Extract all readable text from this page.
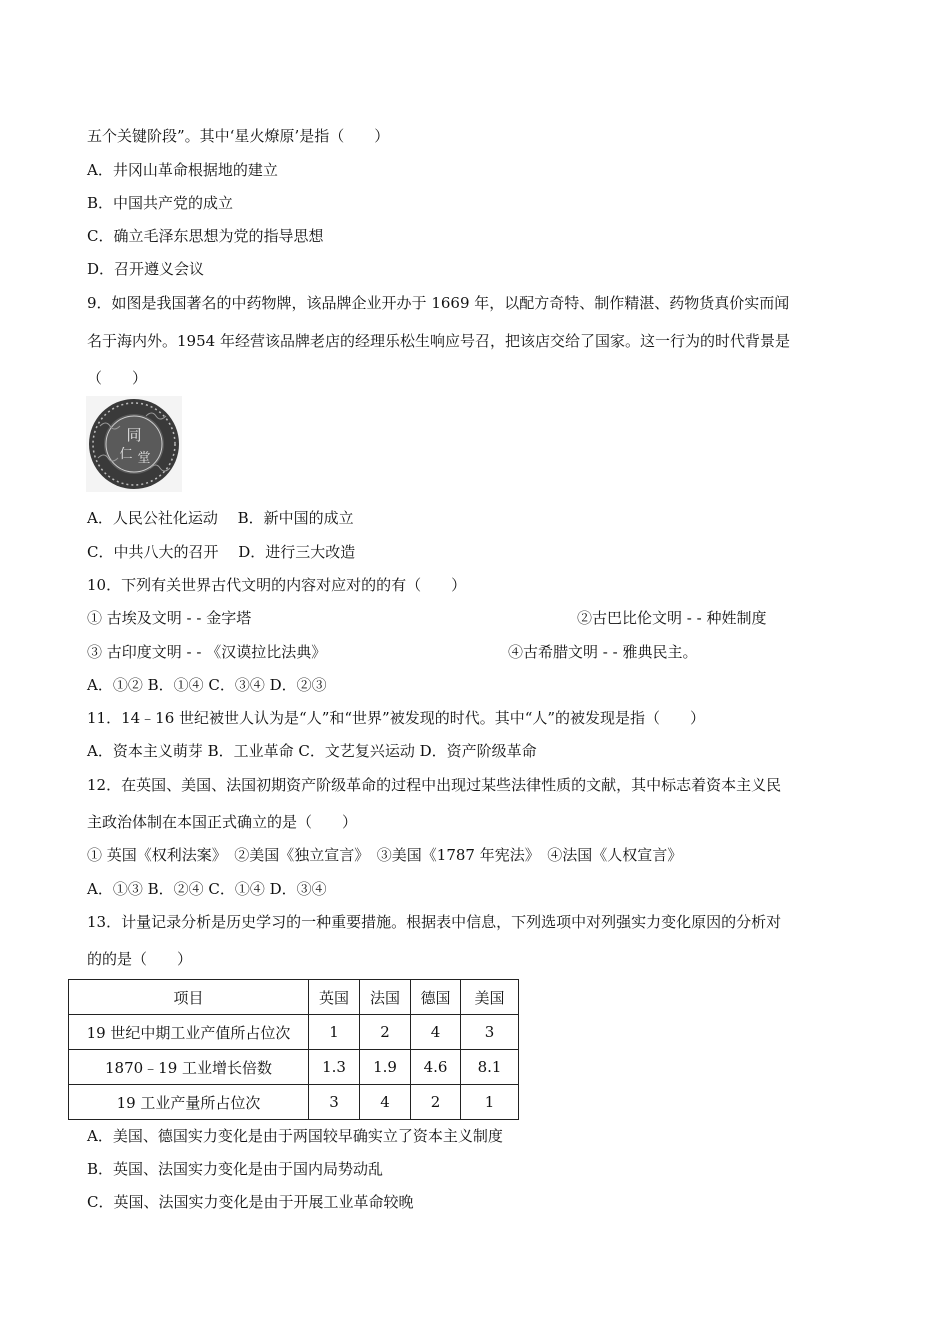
五个关键阶段”。其中‘星火燎原’是指（　　）
A．井冈山革命根据地的建立
B．中国共产党的成立
C．确立毛泽东思想为党的指导思想
D．召开遵义会议
9．如图是我国著名的中药物牌，该品牌企业开办于 1669 年，以配方奇特、制作精湛、药物货真价实而闻
名于海内外。1954 年经营该品牌老店的经理乐松生响应号召，把该店交给了国家。这一行为的时代背景是
（　　）
同
仁 堂
A．人民公社化运动　 B．新中国的成立
C．中共八大的召开　 D．进行三大改造
10．下列有关世界古代文明的内容对应对的的有（　　）
① 古埃及文明 - - 金字塔	②古巴比伦文明 - - 种姓制度
③ 古印度文明 - - 《汉谟拉比法典》	④古希腊文明 - - 雅典民主。
A．①② B．①④ C．③④ D．②③
11．14﹣16 世纪被世人认为是“人”和“世界”被发现的时代。其中“人”的被发现是指（　　）
A．资本主义萌芽 B．工业革命 C．文艺复兴运动 D．资产阶级革命
12．在英国、美国、法国初期资产阶级革命的过程中出现过某些法律性质的文献，其中标志着资本主义民
主政治体制在本国正式确立的是（　　）
① 英国《权利法案》　②美国《独立宣言》　③美国《1787 年宪法》　④法国《人权宣言》
A．①③ B．②④ C．①④ D．③④
13．计量记录分析是历史学习的一种重要措施。根据表中信息，下列选项中对列强实力变化原因的分析对
的的是（　　）
项目	英国	法国	德国	美国
19 世纪中期工业产值所占位次	1	2	4	3
1870﹣19 工业增长倍数	1.3	1.9	4.6	8.1
19 工业产量所占位次	3	4	2	1
A．美国、德国实力变化是由于两国较早确实立了资本主义制度
B．英国、法国实力变化是由于国内局势动乱
C．英国、法国实力变化是由于开展工业革命较晚
